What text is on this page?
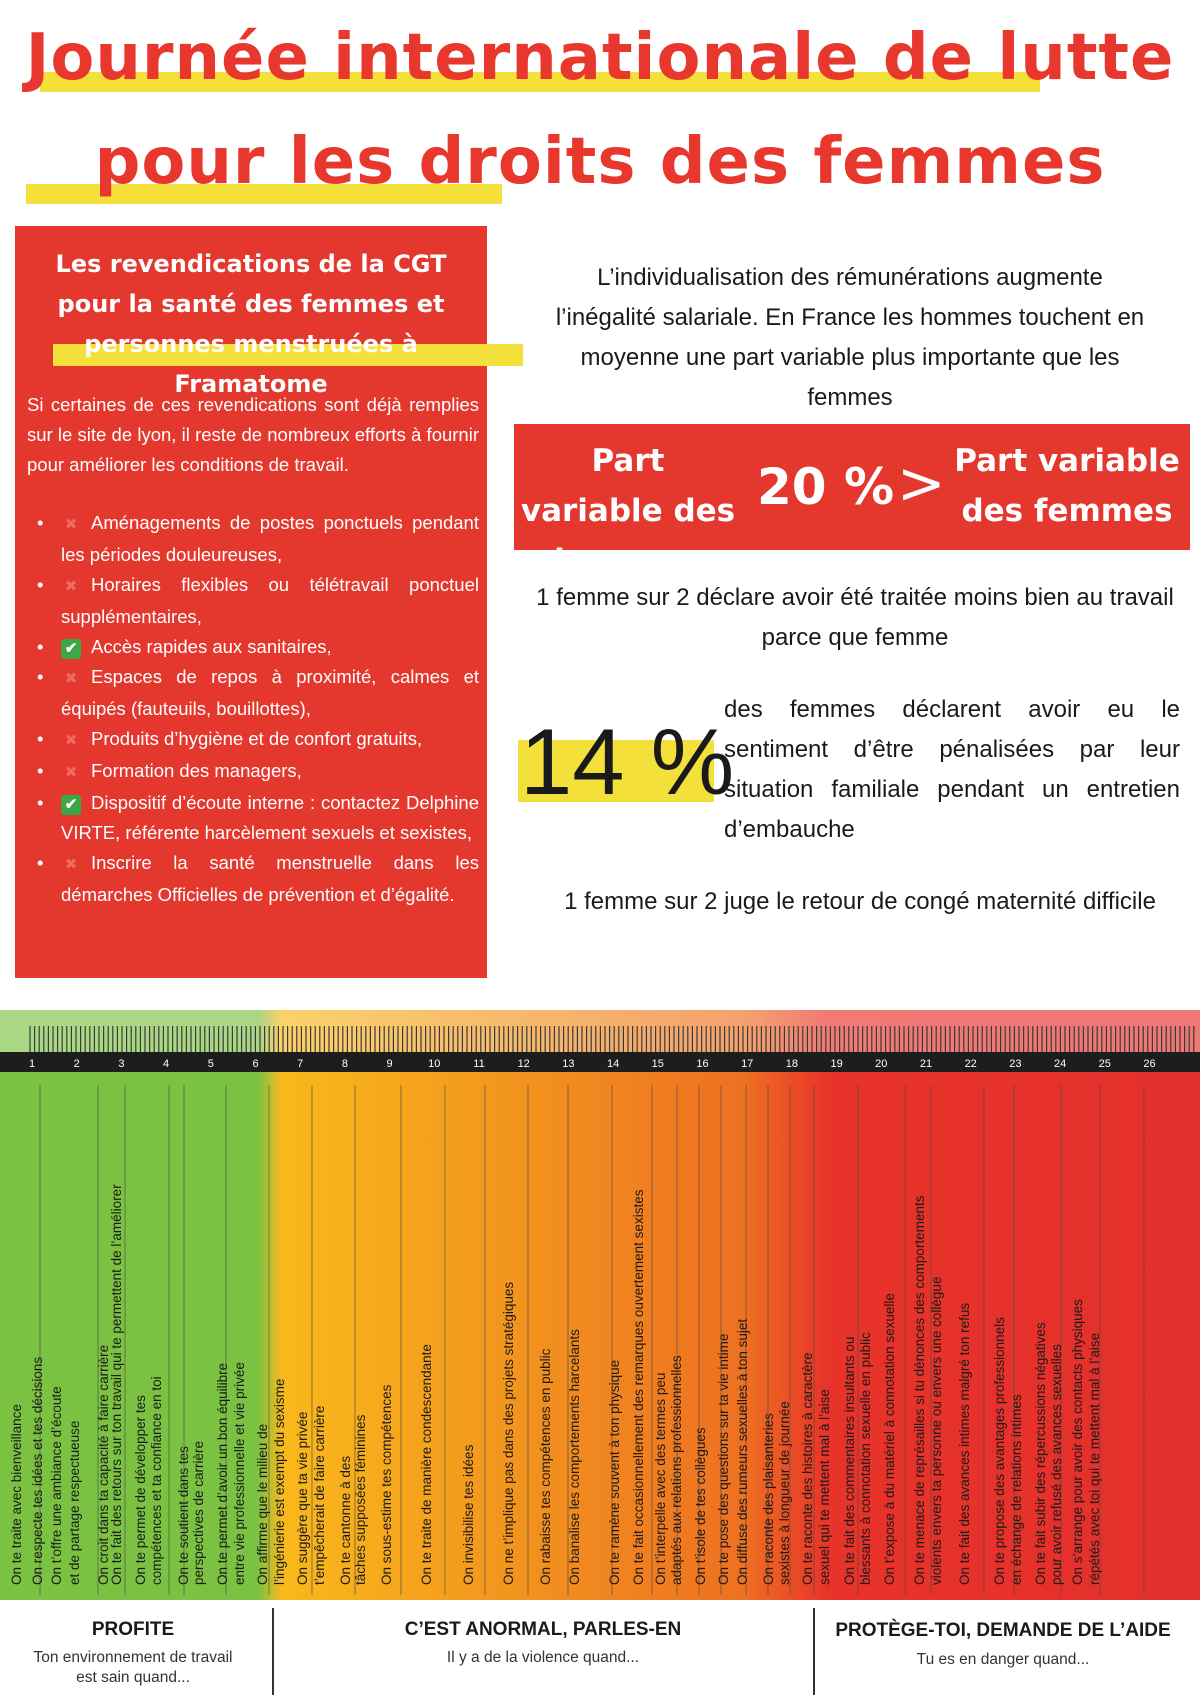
Journée internationale de lutte
pour les droits des femmes
Les revendications de la CGT pour la santé des femmes et personnes menstruées à Framatome

Si certaines de ces revendications sont déjà remplies sur le site de lyon, il reste de nombreux efforts à fournir pour améliorer les conditions de travail.

• ✖ Aménagements de postes ponctuels pendant les périodes douleureuses,
• ✖ Horaires flexibles ou télétravail ponctuel supplémentaires,
• ✔ Accès rapides aux sanitaires,
• ✖ Espaces de repos à proximité, calmes et équipés (fauteuils, bouillottes),
• ✖ Produits d’hygiène et de confort gratuits,
• ✖ Formation des managers,
• ✔ Dispositif d’écoute interne : contactez Delphine VIRTE, référente harcèlement sexuels et sexistes,
• ✖ Inscrire la santé menstruelle dans les démarches Officielles de prévention et d’égalité.

L’individualisation des rémunérations augmente l’inégalité salariale. En France les hommes touchent en moyenne une part variable plus importante que les femmes

Part variable des hommes
20 % > Part variable des femmes

1 femme sur 2 déclare avoir été traitée moins bien au travail parce que femme

14 %

des femmes déclarent avoir eu le sentiment d’être pénalisées par leur situation familiale pendant un entretien d’embauche

1 femme sur 2 juge le retour de congé maternité difficile

1	2	3	4	5	6	7	8	9	10	11	12	13	14	15	16	17	18	19	20	21	22	23	24	25	26
On te traite avec bienveillance On respecte tes idées et tes décisions On t’offre une ambiance d’écoute et de partage respectueuse On croit dans ta capacité à faire carrière
On te fait des retours sur ton travail qui te permettent de l’améliorer On te permet de développer tes compétences et ta confiance en toi On te soutient dans tes perspectives de carrière On te permet d’avoir un bon équilibre entre vie professionnelle et vie privée On affirme que le milieu de l’ingénierie est exempt du sexisme On suggère que ta vie privée t’empêcherait de faire carrière On te cantonne à des tâches supposées féminines On sous-estime tes compétences On te traite de manière condescendante On invisibilise tes idées On ne t’implique pas dans des projets stratégiques On rabaisse tes compétences en public On banalise les comportements harcelants On te ramène souvent à ton physique On te fait occasionnellement des remarques ouvertement sexistes On t’interpelle avec des termes peu adaptés aux relations professionnelles On t’isole de tes collègues On te pose des questions sur ta vie intime On diffuse des rumeurs sexuelles à ton sujet On raconte des plaisanteries sexistes à longueur de journée On te raconte des histoires à caractère sexuel qui te mettent mal à l’aise On te fait des commentaires insultants ou blessants à connotation sexuelle en public On t’expose à du matériel à connotation sexuelle On te menace de représailles si tu dénonces des comportements violents envers ta personne ou envers une collègue On te fait des avances intimes malgré ton refus On te propose des avantages professionnels en échange de relations intimes On te fait subir des répercussions négatives pour avoir refusé des avances sexuelles On s’arrange pour avoir des contacts physiques répétés avec toi qui te mettent mal à l’aise
PROFITE
Ton environnement de travail
est sain quand...
C’EST ANORMAL, PARLES-EN
Il y a de la violence quand...
PROTÈGE-TOI, DEMANDE DE L’AIDE
Tu es en danger quand...
